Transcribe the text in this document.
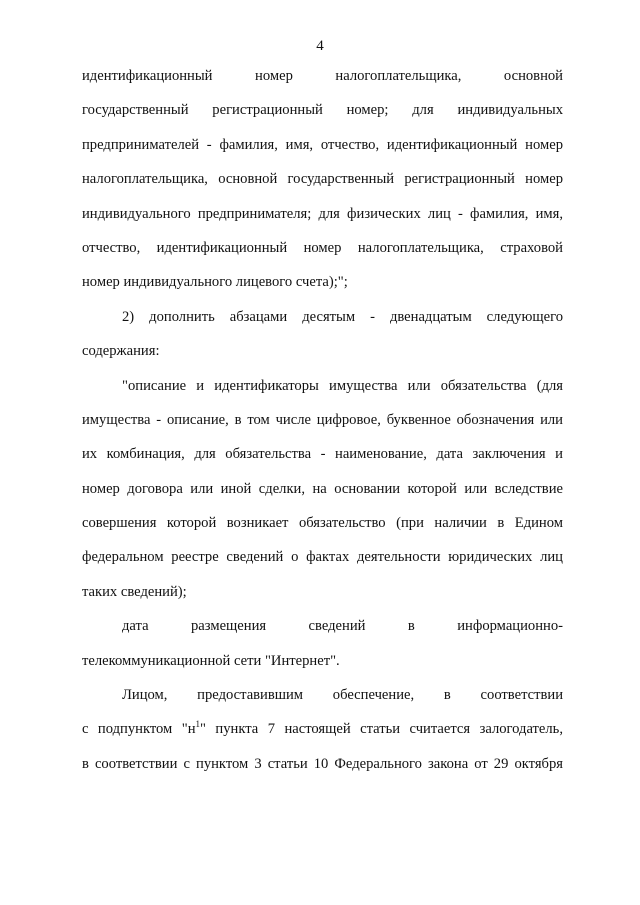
4
идентификационный номер налогоплательщика, основной
государственный регистрационный номер; для индивидуальных
предпринимателей - фамилия, имя, отчество, идентификационный номер
налогоплательщика, основной государственный регистрационный номер
индивидуального предпринимателя; для физических лиц - фамилия, имя,
отчество, идентификационный номер налогоплательщика, страховой
номер индивидуального лицевого счета);";
2) дополнить абзацами десятым - двенадцатым следующего
содержания:
"описание и идентификаторы имущества или обязательства (для
имущества - описание, в том числе цифровое, буквенное обозначения или
их комбинация, для обязательства - наименование, дата заключения и
номер договора или иной сделки, на основании которой или вследствие
совершения которой возникает обязательство (при наличии в Едином
федеральном реестре сведений о фактах деятельности юридических лиц
таких сведений);
дата размещения сведений в информационно-
телекоммуникационной сети "Интернет".
Лицом, предоставившим обеспечение, в соответствии
с подпунктом "$н^1$" пункта 7 настоящей статьи считается залогодатель,
в соответствии с пунктом 3 статьи 10 Федерального закона от 29 октября
